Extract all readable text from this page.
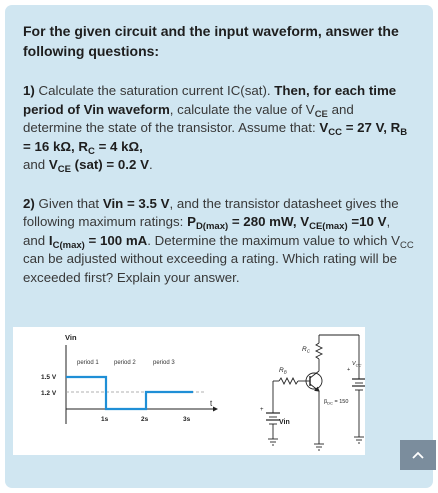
For the given circuit and the input waveform, answer the following questions:
1) Calculate the saturation current IC(sat). Then, for each time period of Vin waveform, calculate the value of $V_{CE}$ and determine the state of the transistor. Assume that: $V_{CC} = 27$ V, $R_B = 16$ kΩ, $R_C = 4$ kΩ,
and $V_{CE}$ (sat) = 0.2 V.
2) Given that Vin = 3.5 V, and the transistor datasheet gives the following maximum ratings: $P_{D(max)} = 280$ mW, $V_{CE(max)} =10$ V, and $I_{C(max)} = 100$ mA. Determine the maximum value to which $V_{CC}$ can be adjusted without exceeding a rating. Which rating will be exceeded first? Explain your answer.
Vin
t
period 1	period 2	period 3
1.5 V
1.2 V
1s	2s	3s
$R_C$
$R_B$	+
$V_{CC}$
$\beta_{DC} = 150$
+
Vin
